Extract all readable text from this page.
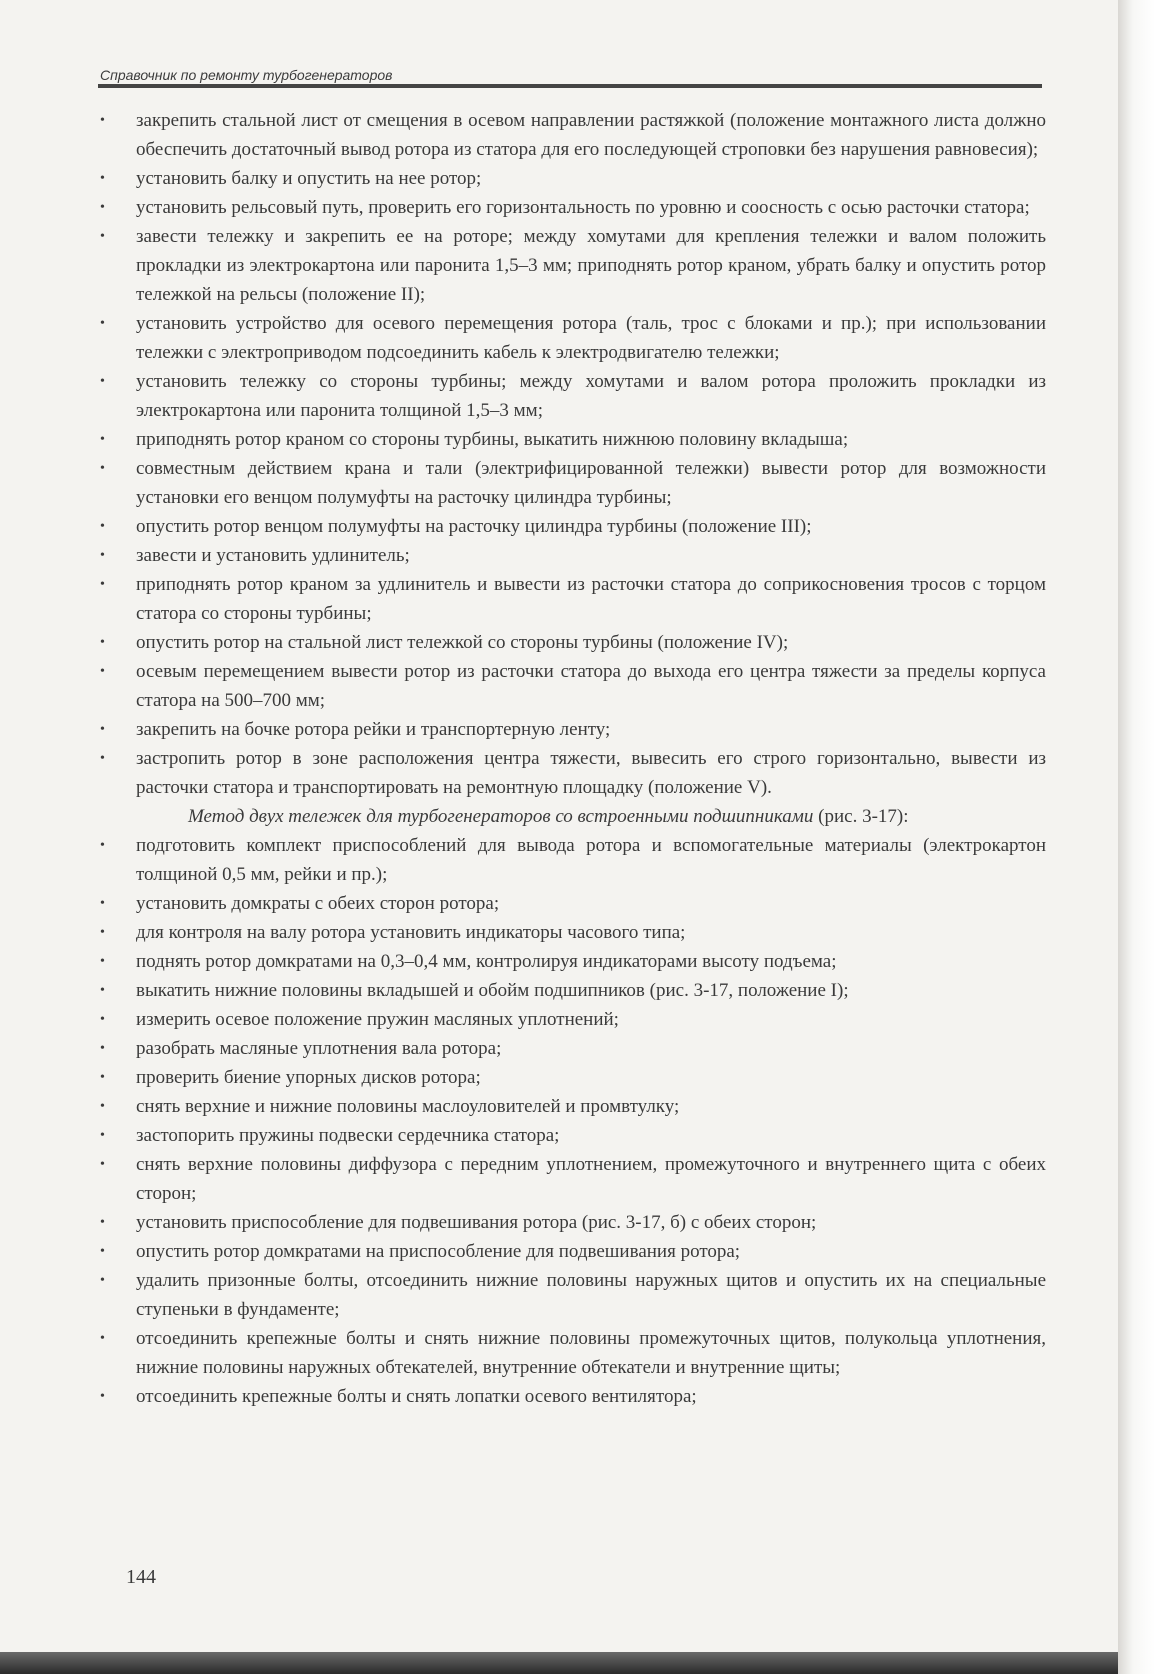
Справочник по ремонту турбогенераторов
• закрепить стальной лист от смещения в осевом направлении растяжкой (положение монтажного листа должно обеспечить достаточный вывод ротора из статора для его последующей строповки без нарушения равновесия);
• установить балку и опустить на нее ротор;
• установить рельсовый путь, проверить его горизонтальность по уровню и соосность с осью расточки статора;
• завести тележку и закрепить ее на роторе; между хомутами для крепления тележки и валом положить прокладки из электрокартона или паронита 1,5–3 мм; приподнять ротор краном, убрать балку и опустить ротор тележкой на рельсы (положение II);
• установить устройство для осевого перемещения ротора (таль, трос с блоками и пр.); при использовании тележки с электроприводом подсоединить кабель к электродвигателю тележки;
• установить тележку со стороны турбины; между хомутами и валом ротора проложить прокладки из электрокартона или паронита толщиной 1,5–3 мм;
• приподнять ротор краном со стороны турбины, выкатить нижнюю половину вкладыша;
• совместным действием крана и тали (электрифицированной тележки) вывести ротор для возможности установки его венцом полумуфты на расточку цилиндра турбины;
• опустить ротор венцом полумуфты на расточку цилиндра турбины (положение III);
• завести и установить удлинитель;
• приподнять ротор краном за удлинитель и вывести из расточки статора до соприкосновения тросов с торцом статора со стороны турбины;
• опустить ротор на стальной лист тележкой со стороны турбины (положение IV);
• осевым перемещением вывести ротор из расточки статора до выхода его центра тяжести за пределы корпуса статора на 500–700 мм;
• закрепить на бочке ротора рейки и транспортерную ленту;
• застропить ротор в зоне расположения центра тяжести, вывесить его строго горизонтально, вывести из расточки статора и транспортировать на ремонтную площадку (положение V).

Метод двух тележек для турбогенераторов со встроенными подшипниками (рис. 3-17):

• подготовить комплект приспособлений для вывода ротора и вспомогательные материалы (электрокартон толщиной 0,5 мм, рейки и пр.);
• установить домкраты с обеих сторон ротора;
• для контроля на валу ротора установить индикаторы часового типа;
• поднять ротор домкратами на 0,3–0,4 мм, контролируя индикаторами высоту подъема;
• выкатить нижние половины вкладышей и обойм подшипников (рис. 3-17, положение I);
• измерить осевое положение пружин масляных уплотнений;
• разобрать масляные уплотнения вала ротора;
• проверить биение упорных дисков ротора;
• снять верхние и нижние половины маслоуловителей и промвтулку;
• застопорить пружины подвески сердечника статора;
• снять верхние половины диффузора с передним уплотнением, промежуточного и внутреннего щита с обеих сторон;
• установить приспособление для подвешивания ротора (рис. 3-17, б) с обеих сторон;
• опустить ротор домкратами на приспособление для подвешивания ротора;
• удалить призонные болты, отсоединить нижние половины наружных щитов и опустить их на специальные ступеньки в фундаменте;
• отсоединить крепежные болты и снять нижние половины промежуточных щитов, полукольца уплотнения, нижние половины наружных обтекателей, внутренние обтекатели и внутренние щиты;
• отсоединить крепежные болты и снять лопатки осевого вентилятора;
144
